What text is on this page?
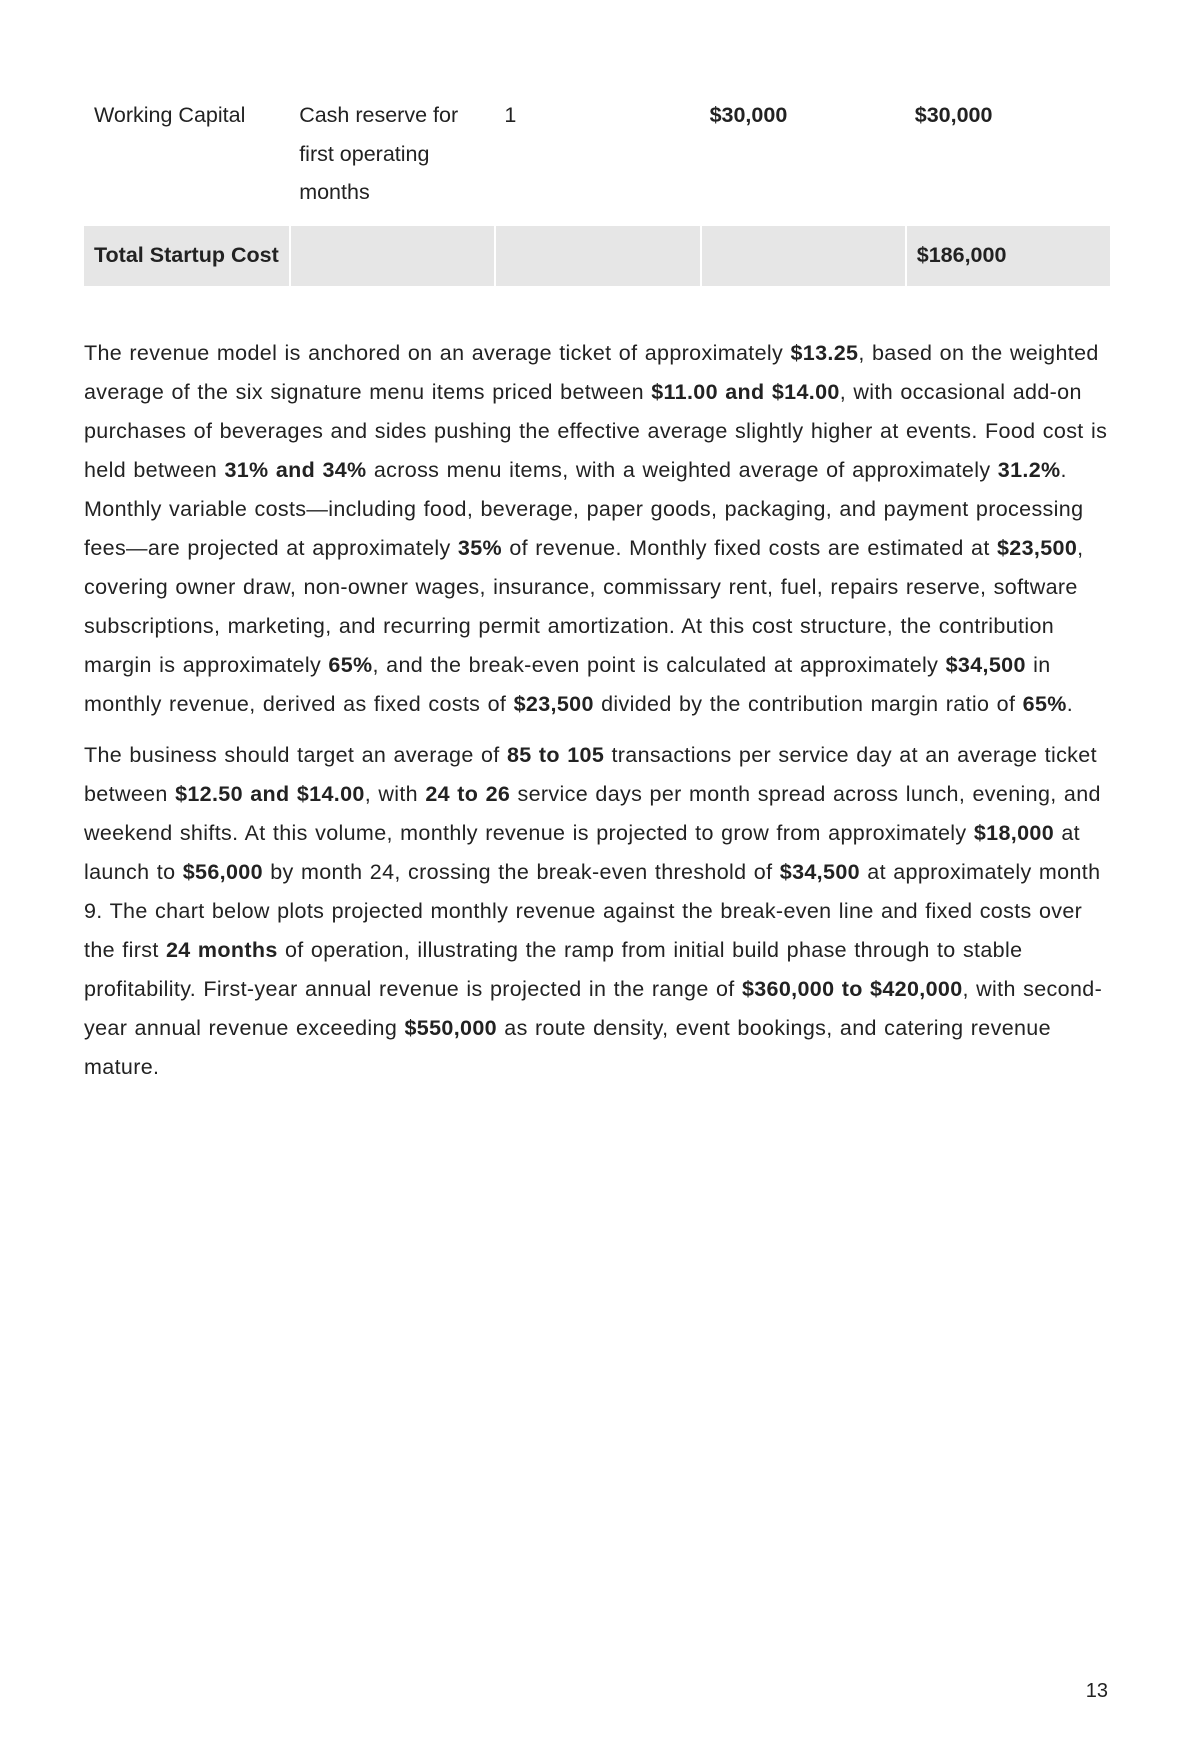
Working Capital	Cash reserve for first operating months	1	$30,000	$30,000
Total Startup Cost				$186,000

The revenue model is anchored on an average ticket of approximately $13.25, based on the weighted average of the six signature menu items priced between $11.00 and $14.00, with occasional add-on purchases of beverages and sides pushing the effective average slightly higher at events. Food cost is held between 31% and 34% across menu items, with a weighted average of approximately 31.2%. Monthly variable costs—including food, beverage, paper goods, packaging, and payment processing fees—are projected at approximately 35% of revenue. Monthly fixed costs are estimated at $23,500, covering owner draw, non-owner wages, insurance, commissary rent, fuel, repairs reserve, software subscriptions, marketing, and recurring permit amortization. At this cost structure, the contribution margin is approximately 65%, and the break-even point is calculated at approximately $34,500 in monthly revenue, derived as fixed costs of $23,500 divided by the contribution margin ratio of 65%.

The business should target an average of 85 to 105 transactions per service day at an average ticket between $12.50 and $14.00, with 24 to 26 service days per month spread across lunch, evening, and weekend shifts. At this volume, monthly revenue is projected to grow from approximately $18,000 at launch to $56,000 by month 24, crossing the break-even threshold of $34,500 at approximately month 9. The chart below plots projected monthly revenue against the break-even line and fixed costs over the first 24 months of operation, illustrating the ramp from initial build phase through to stable profitability. First-year annual revenue is projected in the range of $360,000 to $420,000, with second-year annual revenue exceeding $550,000 as route density, event bookings, and catering revenue mature.

13
